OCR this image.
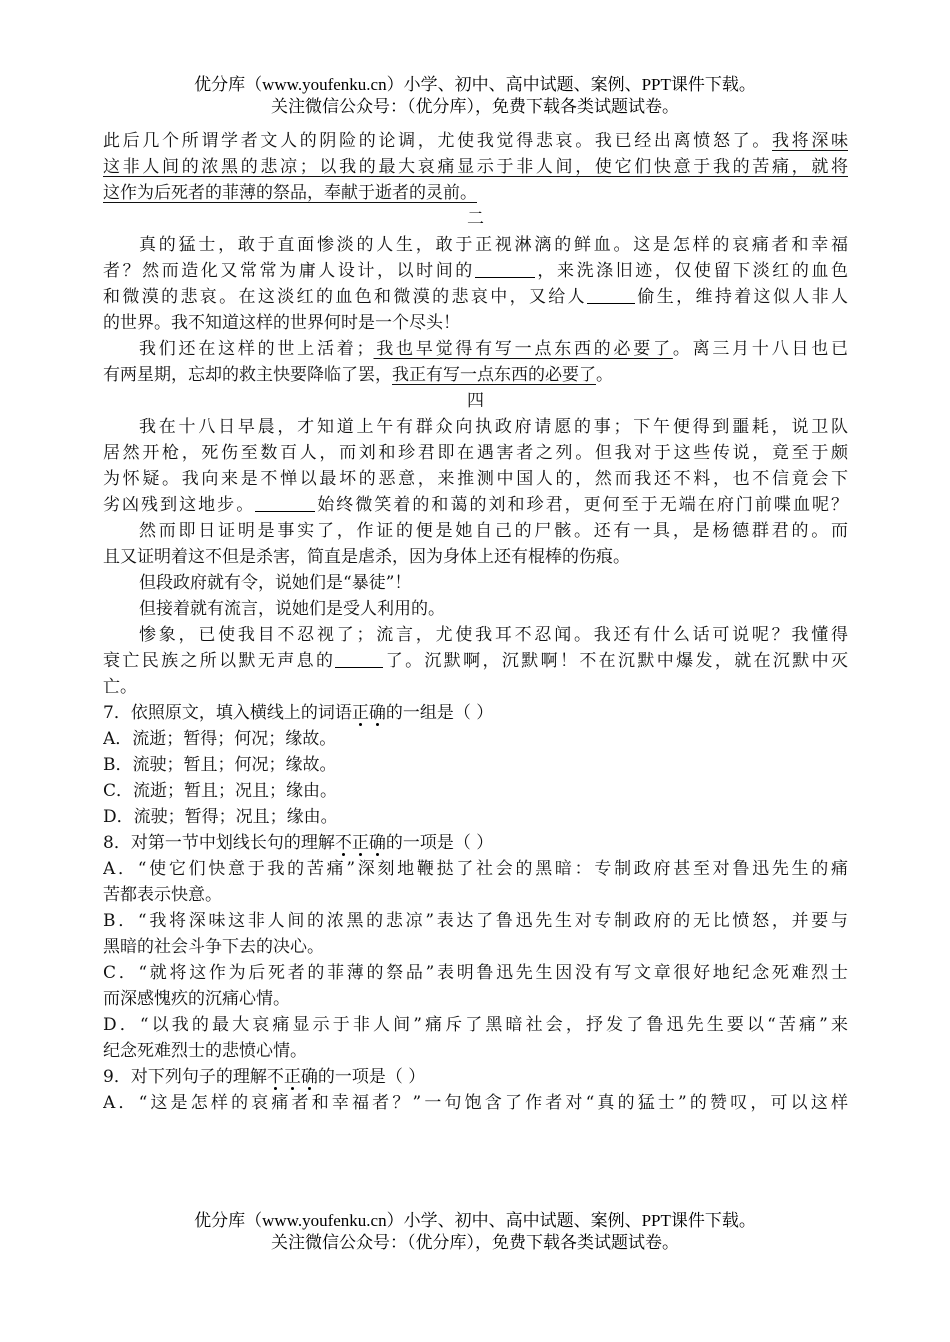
优分库（www.youfenku.cn）小学、初中、高中试题、案例、PPT课件下载。
关注微信公众号：（优分库），免费下载各类试题试卷。
此后几个所谓学者文人的阴险的论调，尤使我觉得悲哀。我已经出离愤怒了。我将深味
这非人间的浓黑的悲凉；以我的最大哀痛显示于非人间，使它们快意于我的苦痛，就将
这作为后死者的菲薄的祭品，奉献于逝者的灵前。
二
真的猛士，敢于直面惨淡的人生，敢于正视淋漓的鲜血。这是怎样的哀痛者和幸福
者？然而造化又常常为庸人设计，以时间的	，来洗涤旧迹，仅使留下淡红的血色
和微漠的悲哀。在这淡红的血色和微漠的悲哀中，又给人	偷生，维持着这似人非人
的世界。我不知道这样的世界何时是一个尽头！
我们还在这样的世上活着；我也早觉得有写一点东西的必要了。离三月十八日也已
有两星期，忘却的救主快要降临了罢，我正有写一点东西的必要了。
四
我在十八日早晨，才知道上午有群众向执政府请愿的事；下午便得到噩耗，说卫队
居然开枪，死伤至数百人，而刘和珍君即在遇害者之列。但我对于这些传说，竟至于颇
为怀疑。我向来是不惮以最坏的恶意，来推测中国人的，然而我还不料，也不信竟会下
劣凶残到这地步。	始终微笑着的和蔼的刘和珍君，更何至于无端在府门前喋血呢？
然而即日证明是事实了，作证的便是她自己的尸骸。还有一具，是杨德群君的。而
且又证明着这不但是杀害，简直是虐杀，因为身体上还有棍棒的伤痕。
但段政府就有令，说她们是“暴徒”！
但接着就有流言，说她们是受人利用的。
惨象，已使我目不忍视了；流言，尤使我耳不忍闻。我还有什么话可说呢？我懂得
衰亡民族之所以默无声息的	了。沉默啊，沉默啊！不在沉默中爆发，就在沉默中灭
亡。
7．依照原文，填入横线上的词语正确的一组是（ ）
A．流逝；暂得；何况；缘故。
B．流驶；暂且；何况；缘故。
C．流逝；暂且；况且；缘由。
D．流驶；暂得；况且；缘由。
8．对第一节中划线长句的理解不正确的一项是（ ）
A．“使它们快意于我的苦痛”深刻地鞭挞了社会的黑暗：专制政府甚至对鲁迅先生的痛
苦都表示快意。
B．“我将深味这非人间的浓黑的悲凉”表达了鲁迅先生对专制政府的无比愤怒，并要与
黑暗的社会斗争下去的决心。
C．“就将这作为后死者的菲薄的祭品”表明鲁迅先生因没有写文章很好地纪念死难烈士
而深感愧疚的沉痛心情。
D．“以我的最大哀痛显示于非人间”痛斥了黑暗社会，抒发了鲁迅先生要以“苦痛”来
纪念死难烈士的悲愤心情。
9．对下列句子的理解不正确的一项是（ ）
A．“这是怎样的哀痛者和幸福者？”一句饱含了作者对“真的猛士”的赞叹，可以这样
优分库（www.youfenku.cn）小学、初中、高中试题、案例、PPT课件下载。
关注微信公众号：（优分库），免费下载各类试题试卷。
